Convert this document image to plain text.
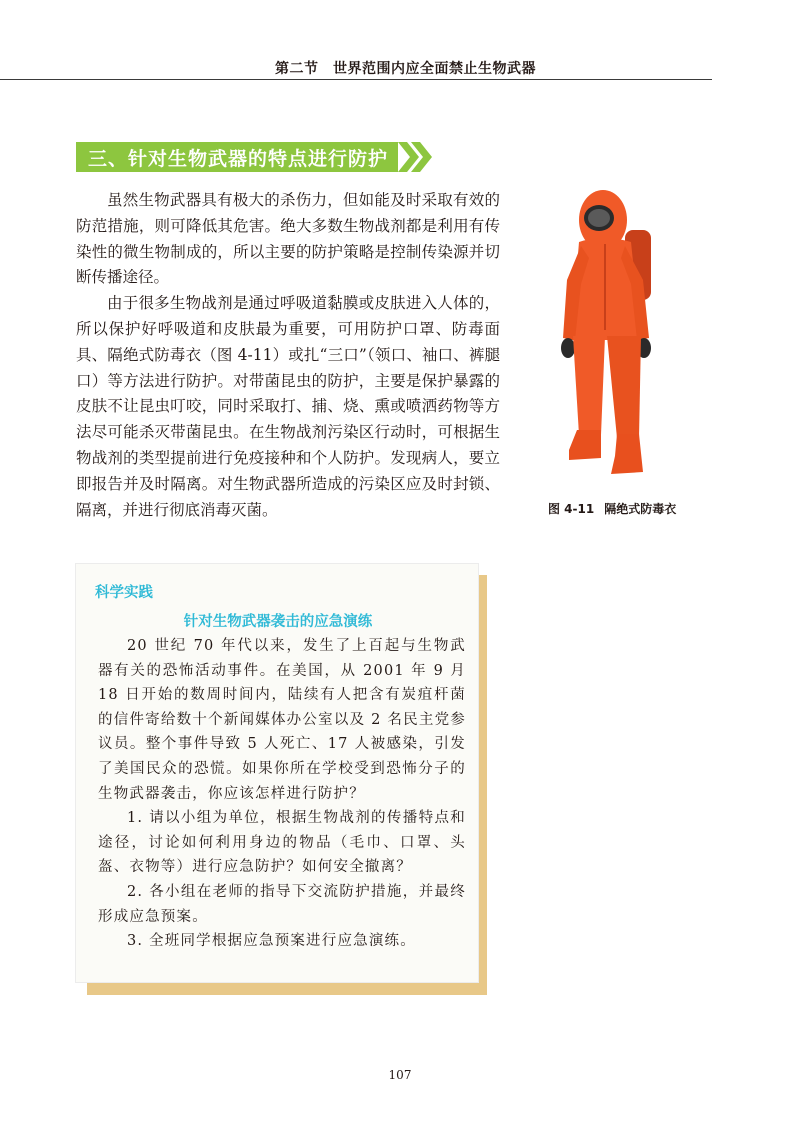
第二节　世界范围内应全面禁止生物武器
三、针对生物武器的特点进行防护

虽然生物武器具有极大的杀伤力，但如能及时采取有效的防范措施，则可降低其危害。绝大多数生物战剂都是利用有传染性的微生物制成的，所以主要的防护策略是控制传染源并切断传播途径。

由于很多生物战剂是通过呼吸道黏膜或皮肤进入人体的，所以保护好呼吸道和皮肤最为重要，可用防护口罩、防毒面具、隔绝式防毒衣（图 4-11）或扎“三口”（领口、袖口、裤腿口）等方法进行防护。对带菌昆虫的防护，主要是保护暴露的皮肤不让昆虫叮咬，同时采取打、捕、烧、熏或喷洒药物等方法尽可能杀灭带菌昆虫。在生物战剂污染区行动时，可根据生物战剂的类型提前进行免疫接种和个人防护。发现病人，要立即报告并及时隔离。对生物武器所造成的污染区应及时封锁、隔离，并进行彻底消毒灭菌。	图 4-11 隔绝式防毒衣
科学实践
针对生物武器袭击的应急演练

20 世纪 70 年代以来，发生了上百起与生物武器有关的恐怖活动事件。在美国，从 2001 年 9 月 18 日开始的数周时间内，陆续有人把含有炭疽杆菌的信件寄给数十个新闻媒体办公室以及 2 名民主党参议员。整个事件导致 5 人死亡、17 人被感染，引发了美国民众的恐慌。如果你所在学校受到恐怖分子的生物武器袭击，你应该怎样进行防护？

1. 请以小组为单位，根据生物战剂的传播特点和途径，讨论如何利用身边的物品（毛巾、口罩、头盔、衣物等）进行应急防护？如何安全撤离？

2. 各小组在老师的指导下交流防护措施，并最终形成应急预案。

3. 全班同学根据应急预案进行应急演练。

107
